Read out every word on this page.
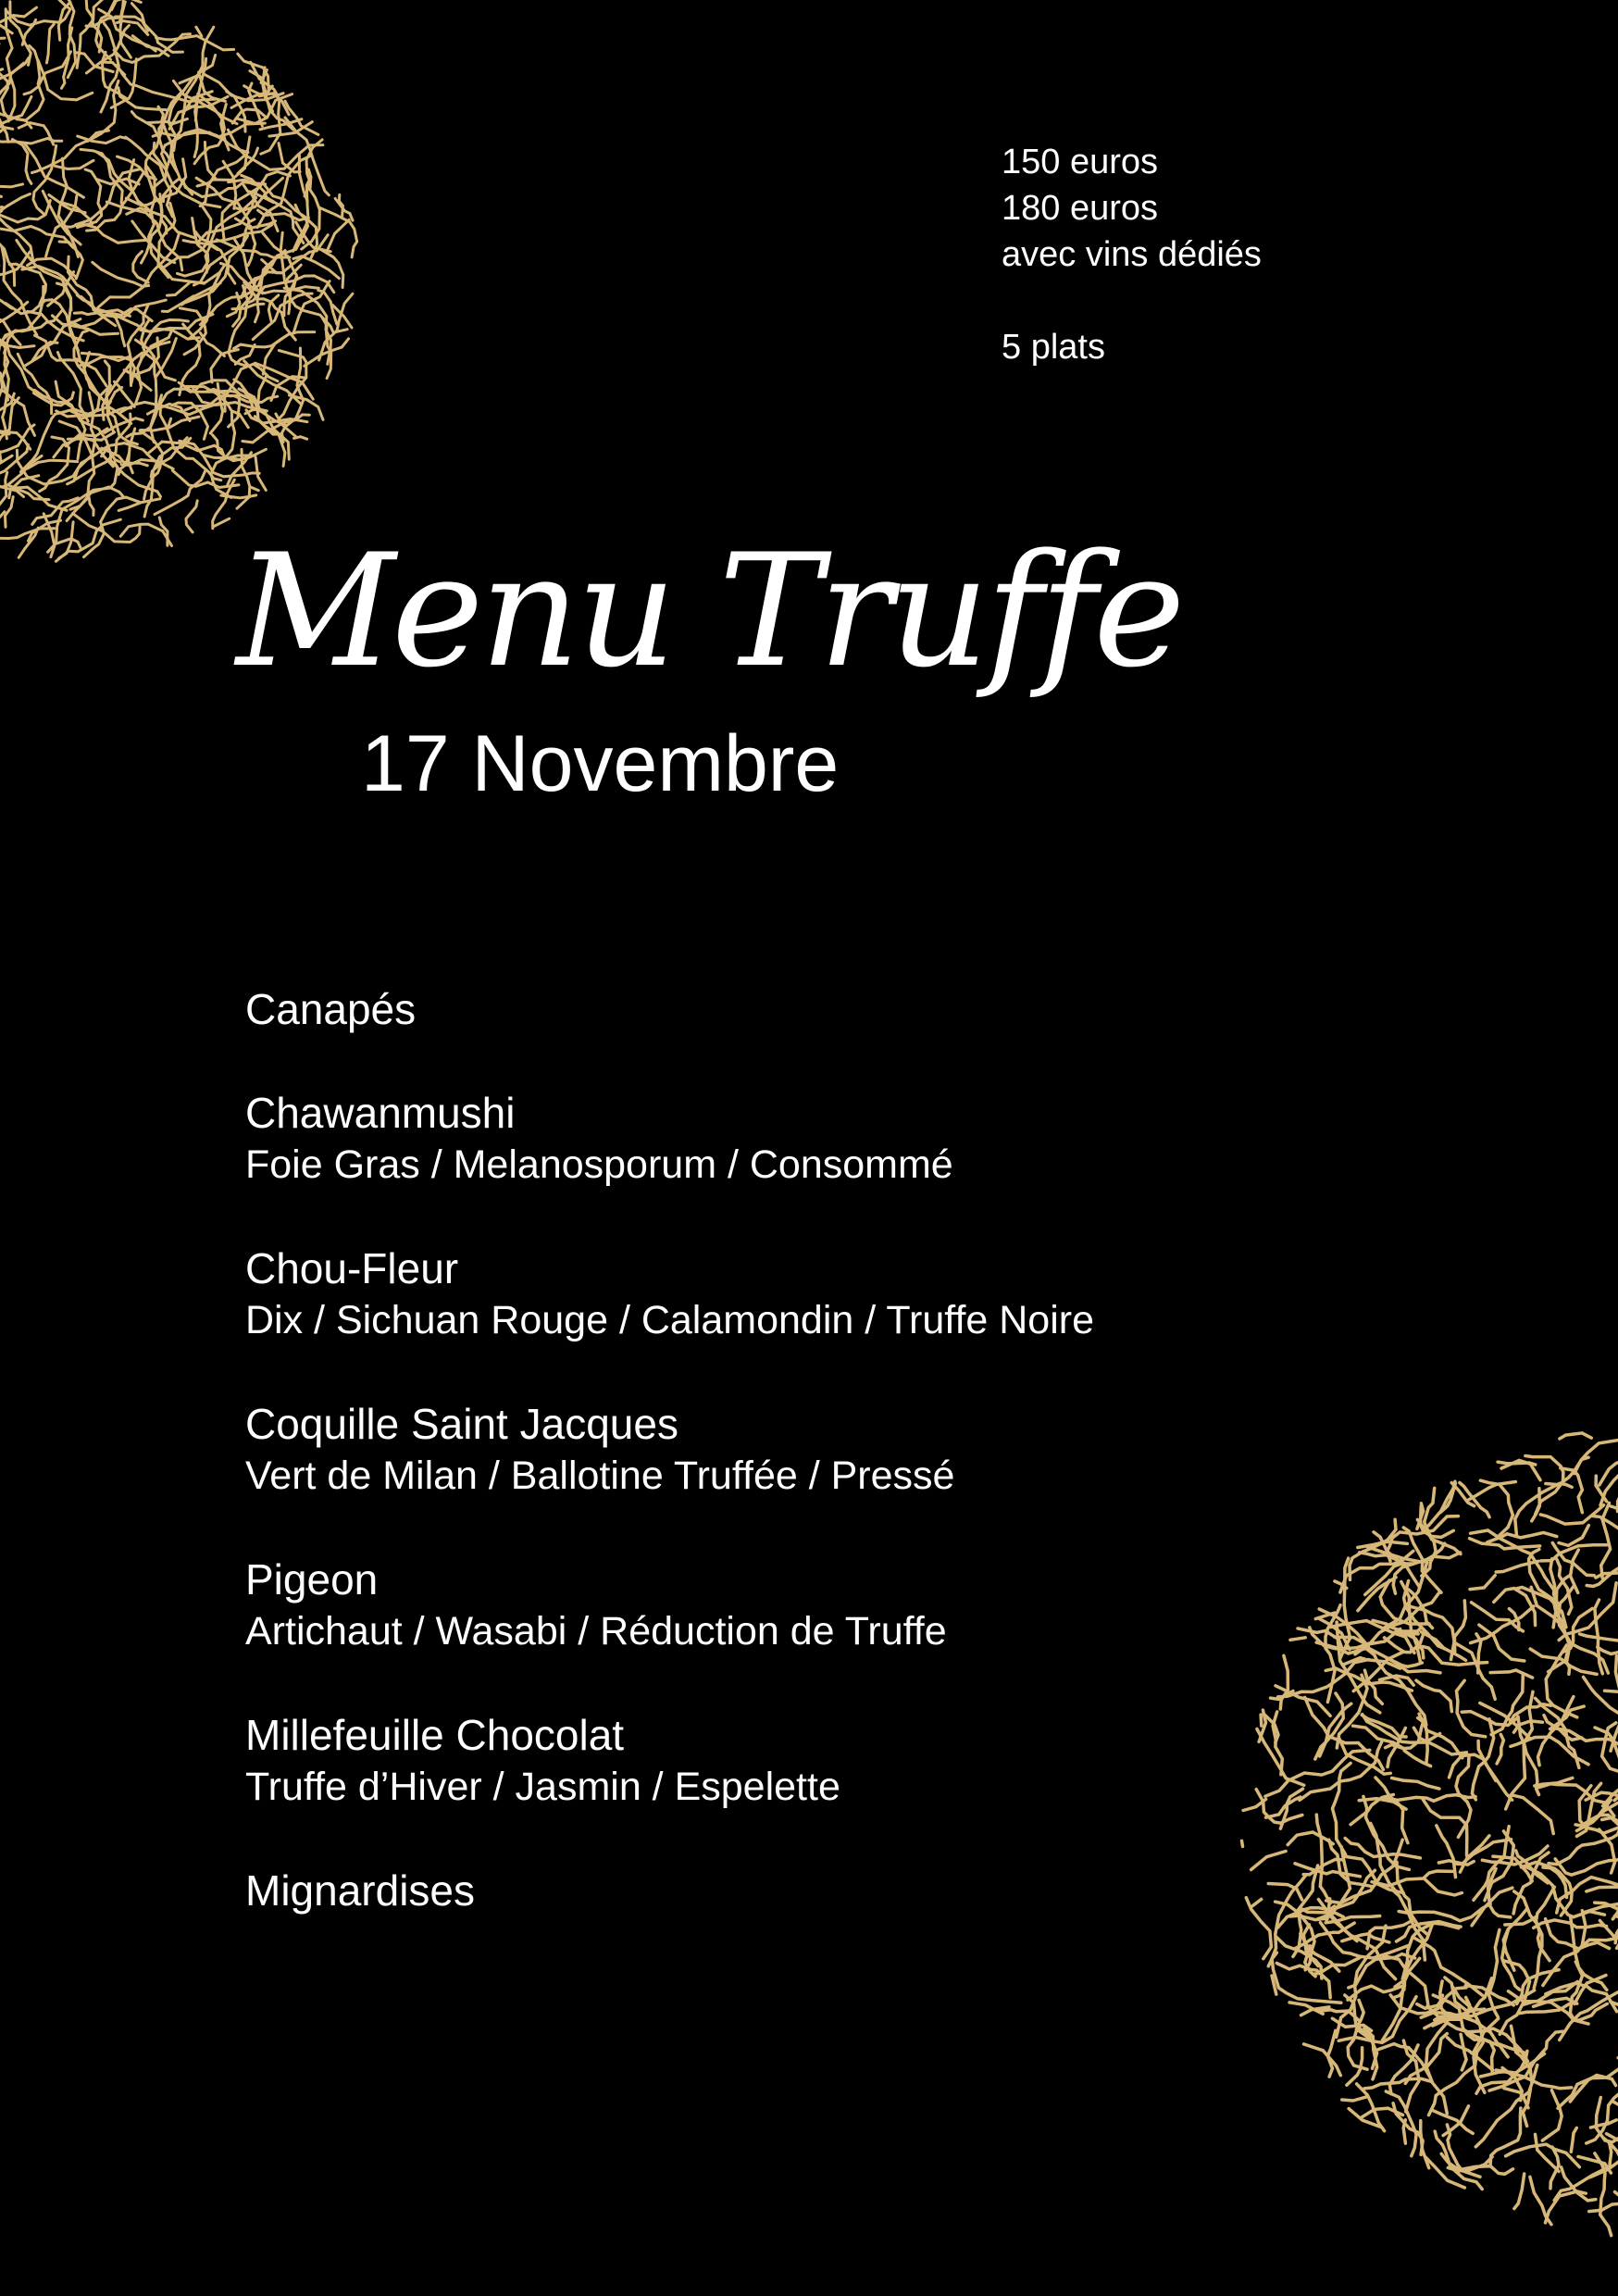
150 euros
180 euros
avec vins dédiés
5 plats
Menu Truffe
17 Novembre
Canapés
Chawanmushi
Foie Gras / Melanosporum / Consommé
Chou-Fleur
Dix / Sichuan Rouge / Calamondin / Truffe Noire
Coquille Saint Jacques
Vert de Milan / Ballotine Truffée / Pressé
Pigeon
Artichaut / Wasabi / Réduction de Truffe
Millefeuille Chocolat
Truffe d’Hiver / Jasmin / Espelette
Mignardises
